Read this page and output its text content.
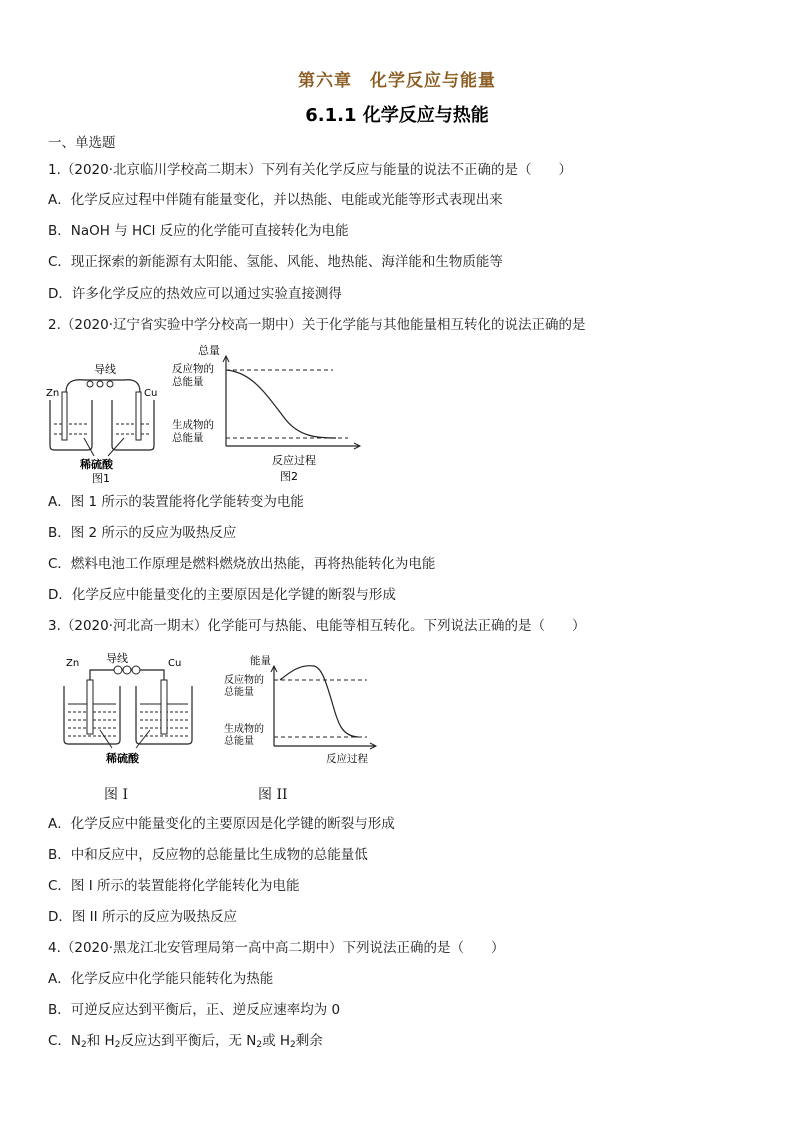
第六章　化学反应与能量
6.1.1 化学反应与热能
一、单选题
1.（2020·北京临川学校高二期末）下列有关化学反应与能量的说法不正确的是（　　）
A．化学反应过程中伴随有能量变化，并以热能、电能或光能等形式表现出来
B．NaOH 与 HCl 反应的化学能可直接转化为电能
C．现正探索的新能源有太阳能、氢能、风能、地热能、海洋能和生物质能等
D．许多化学反应的热效应可以通过实验直接测得
2.（2020·辽宁省实验中学分校高一期中）关于化学能与其他能量相互转化的说法正确的是
导线
Zn	Cu
稀硫酸
图1
总量
反应物的
总能量
生成物的
总能量
反应过程
图2
A．图 1 所示的装置能将化学能转变为电能
B．图 2 所示的反应为吸热反应
C．燃料电池工作原理是燃料燃烧放出热能，再将热能转化为电能
D．化学反应中能量变化的主要原因是化学键的断裂与形成
3.（2020·河北高一期末）化学能可与热能、电能等相互转化。下列说法正确的是（　　）
导线
Zn	Cu
稀硫酸
图 I
能量
反应物的
总能量
生成物的
总能量
反应过程
图 II
A．化学反应中能量变化的主要原因是化学键的断裂与形成
B．中和反应中，反应物的总能量比生成物的总能量低
C．图 I 所示的装置能将化学能转化为电能
D．图 II 所示的反应为吸热反应
4.（2020·黑龙江北安管理局第一高中高二期中）下列说法正确的是（　　）
A．化学反应中化学能只能转化为热能
B．可逆反应达到平衡后，正、逆反应速率均为 0
C．$N_2$和 $H_2$反应达到平衡后，无 $N_2$或 $H_2$剩余
